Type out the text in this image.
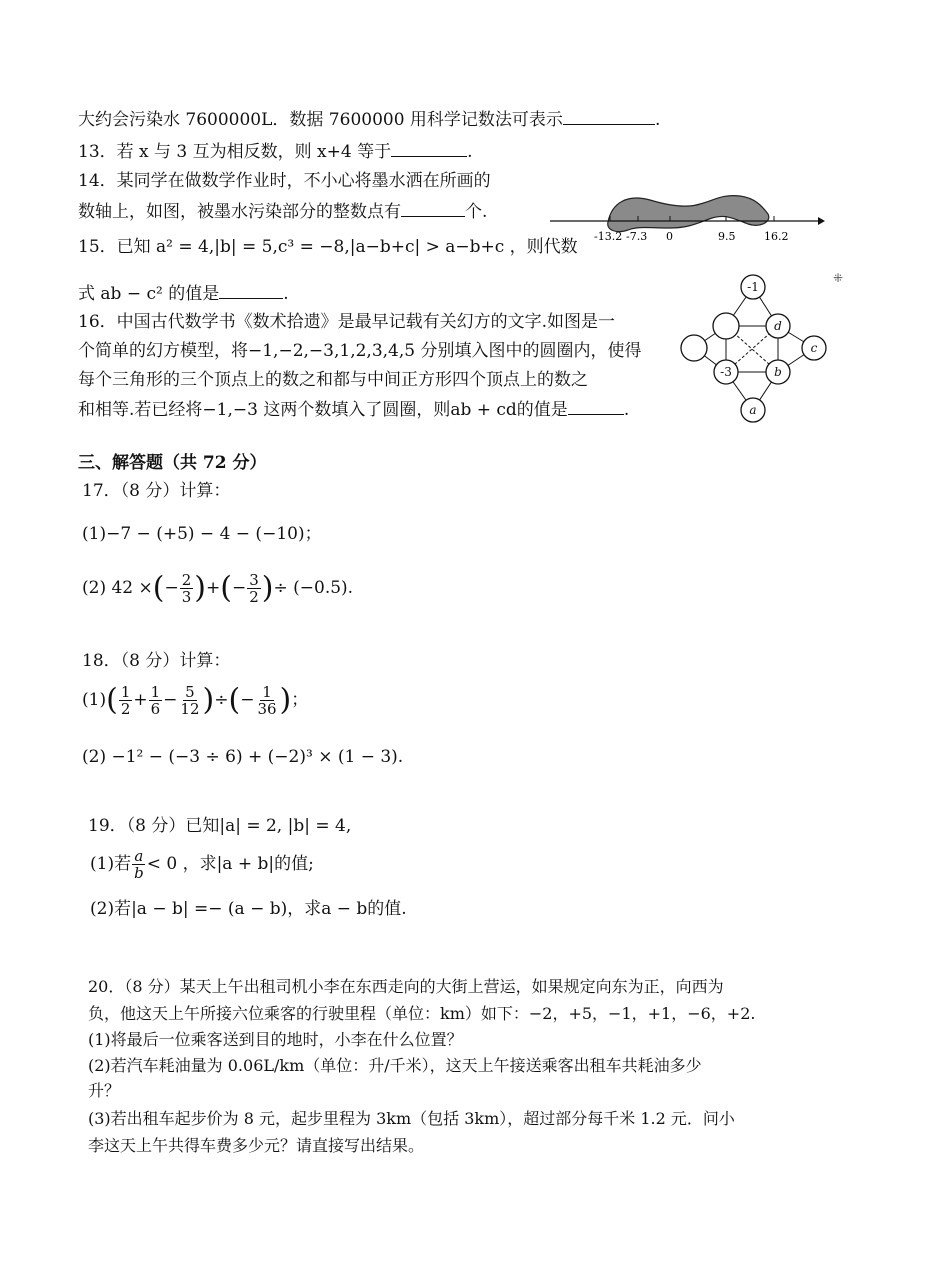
大约会污染水 7600000L．数据 7600000 用科学记数法可表示	.
13．若 x 与 3 互为相反数，则 x+4 等于	.
14．某同学在做数学作业时，不小心将墨水洒在所画的
数轴上，如图，被墨水污染部分的整数点有	个.
-13.2 -7.3 0	9.5	16.2
15．已知 a² = 4,|b| = 5,c³ = −8,|a−b+c| > a−b+c ，则代数
式 ab − c² 的值是	.
16．中国古代数学书《数术拾遗》是最早记载有关幻方的文字.如图是一
个简单的幻方模型，将−1,−2,−3,1,2,3,4,5 分别填入图中的圆圈内，使得
每个三角形的三个顶点上的数之和都与中间正方形四个顶点上的数之
和相等.若已经将−1,−3 这两个数填入了圆圈，则ab + cd的值是	.
-1
d
c
-3	b
a
⁜
三、解答题（共 72 分）
17．（8 分）计算：
(1)−7 − (+5) − 4 − (−10)；
(2) 42 ×(− $\frac{2}{3}$ )+(− $\frac{3}{2}$ )÷ (−0.5).
18．（8 分）计算：
$(1)( \frac{1}{2} + \frac{1}{6} - \frac{5}{12}$ )÷(− $\frac{1}{36}$ )；
(2) −1² − (−3 ÷ 6) + (−2)³ × (1 − 3).
19．（8 分）已知|a| = 2, |b| = 4,
(1)若 $\frac{a}{b} < 0$ ，求|a + b|的值;
(2)若|a − b| =− (a − b)，求a − b的值.
20．（8 分）某天上午出租司机小李在东西走向的大街上营运，如果规定向东为正，向西为
负，他这天上午所接六位乘客的行驶里程（单位：km）如下：−2，+5，−1，+1，−6，+2.
(1)将最后一位乘客送到目的地时，小李在什么位置？
(2)若汽车耗油量为 0.06L/km（单位：升/千米），这天上午接送乘客出租车共耗油多少
升？
(3)若出租车起步价为 8 元，起步里程为 3km（包括 3km），超过部分每千米 1.2 元．问小
李这天上午共得车费多少元？请直接写出结果。
